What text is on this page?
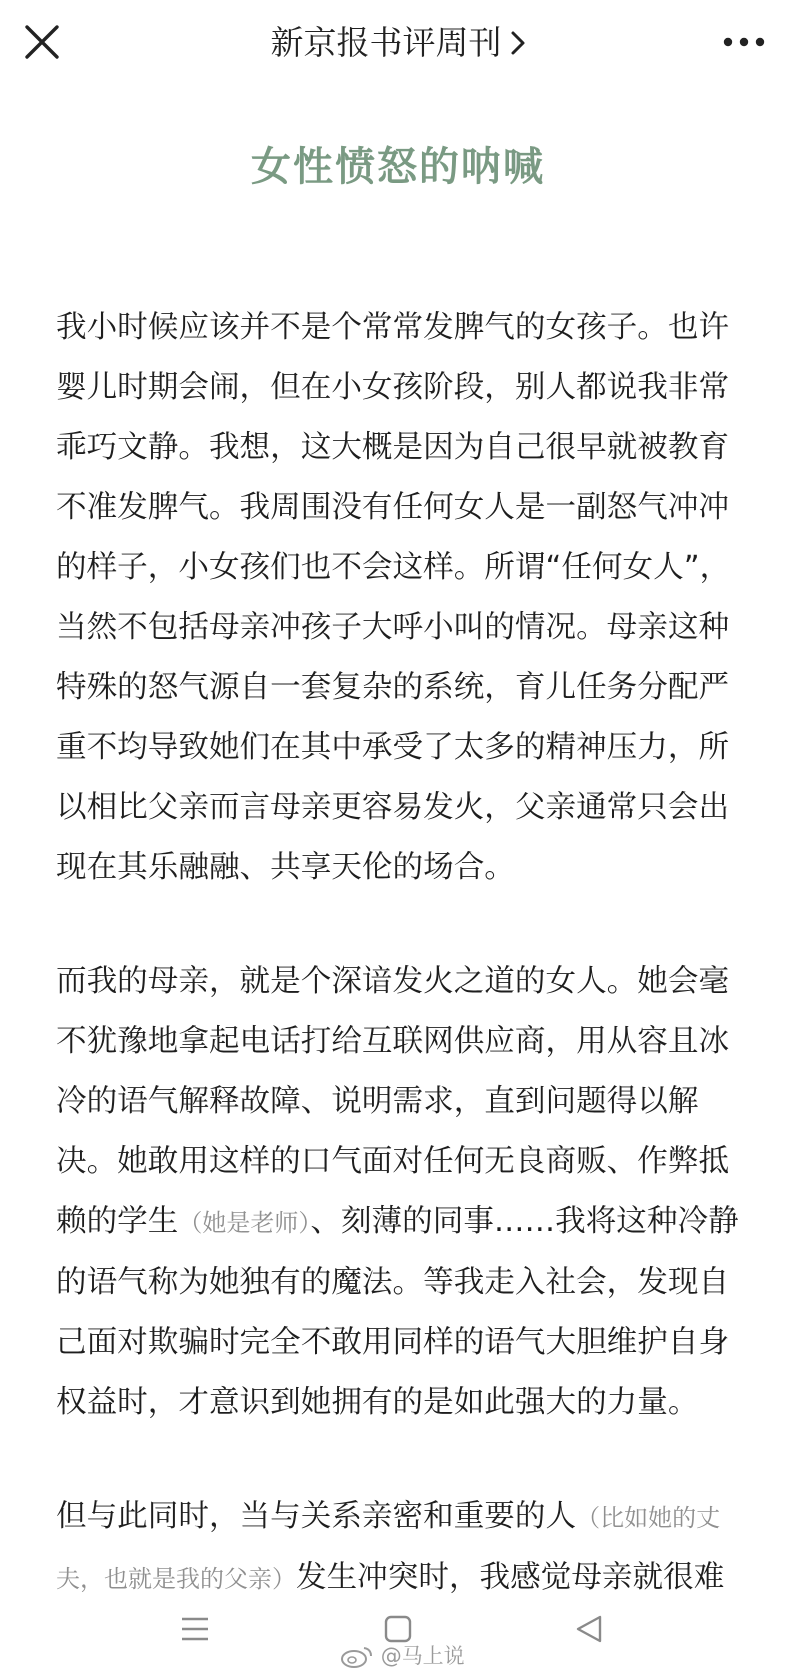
新京报书评周刊
女性愤怒的呐喊

我小时候应该并不是个常常发脾气的女孩子。也许婴儿时期会闹，但在小女孩阶段，别人都说我非常乖巧文静。我想，这大概是因为自己很早就被教育不准发脾气。我周围没有任何女人是一副怒气冲冲的样子，小女孩们也不会这样。所谓“任何女人”，当然不包括母亲冲孩子大呼小叫的情况。母亲这种特殊的怒气源自一套复杂的系统，育儿任务分配严重不均导致她们在其中承受了太多的精神压力，所以相比父亲而言母亲更容易发火，父亲通常只会出现在其乐融融、共享天伦的场合。

而我的母亲，就是个深谙发火之道的女人。她会毫不犹豫地拿起电话打给互联网供应商，用从容且冰冷的语气解释故障、说明需求，直到问题得以解决。她敢用这样的口气面对任何无良商贩、作弊抵赖的学生（她是老师）、刻薄的同事……我将这种冷静的语气称为她独有的魔法。等我走入社会，发现自己面对欺骗时完全不敢用同样的语气大胆维护自身权益时，才意识到她拥有的是如此强大的力量。

但与此同时，当与关系亲密和重要的人（比如她的丈夫，也就是我的父亲）发生冲突时，我感觉母亲就很难

@马上说
